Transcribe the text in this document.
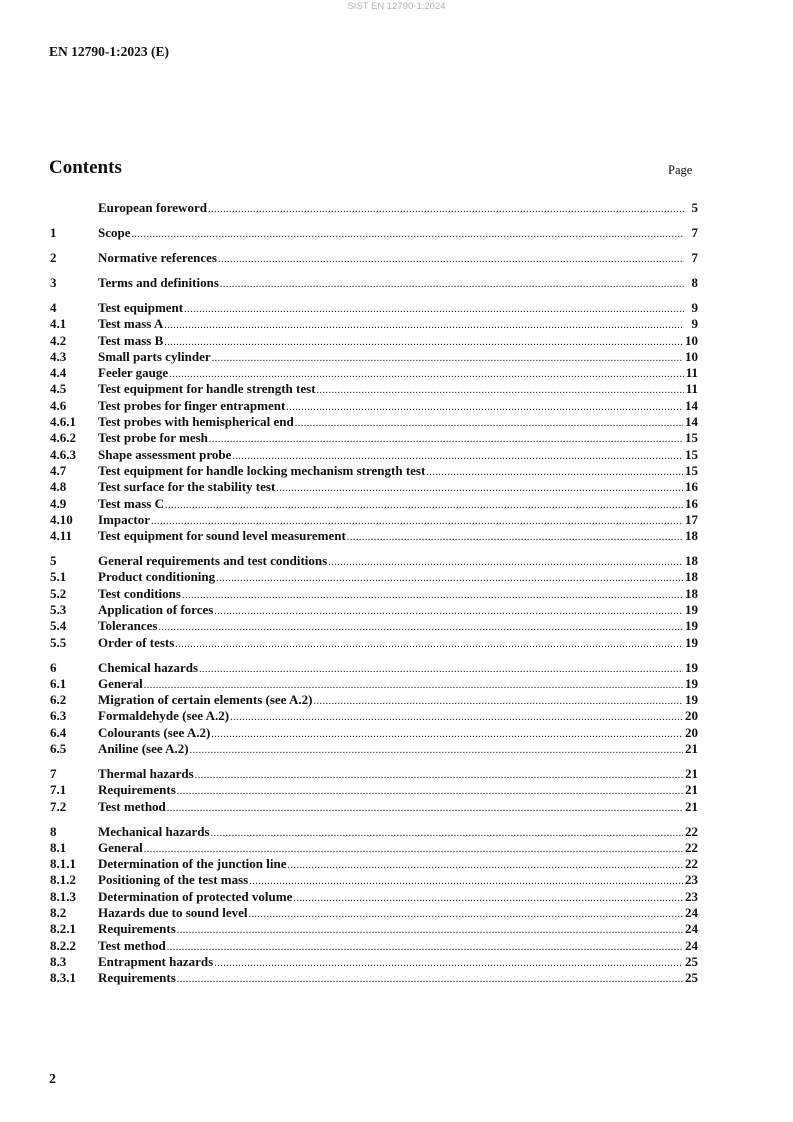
SIST EN 12790-1:2024
EN 12790-1:2023 (E)
Contents	Page
European foreword .....	5
1	Scope .....	7
2	Normative references .....	7
3	Terms and definitions .....	8
4	Test equipment .....	9
4.1	Test mass A .....	9
4.2	Test mass B .....	10
4.3	Small parts cylinder .....	10
4.4	Feeler gauge .....	11
4.5	Test equipment for handle strength test .....	11
4.6	Test probes for finger entrapment .....	14
4.6.1	Test probes with hemispherical end .....	14
4.6.2	Test probe for mesh .....	15
4.6.3	Shape assessment probe .....	15
4.7	Test equipment for handle locking mechanism strength test .....	15
4.8	Test surface for the stability test .....	16
4.9	Test mass C .....	16
4.10	Impactor .....	17
4.11	Test equipment for sound level measurement .....	18
5	General requirements and test conditions .....	18
5.1	Product conditioning .....	18
5.2	Test conditions .....	18
5.3	Application of forces .....	19
5.4	Tolerances .....	19
5.5	Order of tests .....	19
6	Chemical hazards .....	19
6.1	General .....	19
6.2	Migration of certain elements (see A.2) .....	19
6.3	Formaldehyde (see A.2) .....	20
6.4	Colourants (see A.2) .....	20
6.5	Aniline (see A.2) .....	21
7	Thermal hazards .....	21
7.1	Requirements .....	21
7.2	Test method .....	21
8	Mechanical hazards .....	22
8.1	General .....	22
8.1.1	Determination of the junction line .....	22
8.1.2	Positioning of the test mass .....	23
8.1.3	Determination of protected volume .....	23
8.2	Hazards due to sound level .....	24
8.2.1	Requirements .....	24
8.2.2	Test method .....	24
8.3	Entrapment hazards .....	25
8.3.1	Requirements .....	25
2
